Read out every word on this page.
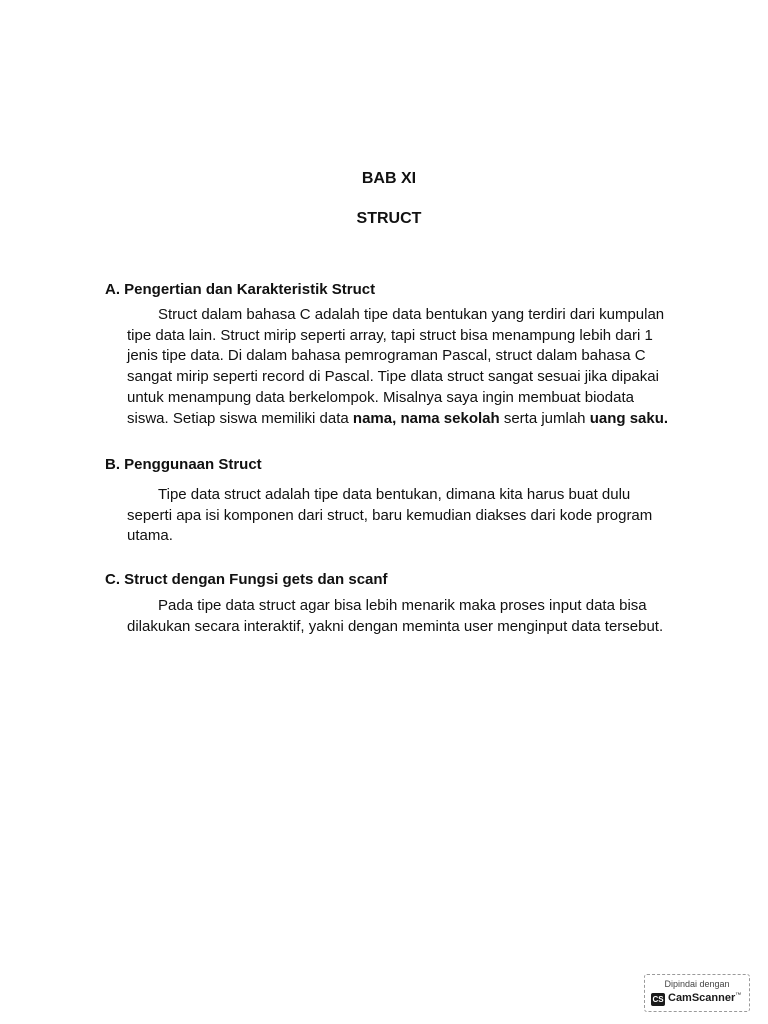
BAB XI
STRUCT
A. Pengertian dan Karakteristik Struct
Struct dalam bahasa C adalah tipe data bentukan yang terdiri dari kumpulan
tipe data lain. Struct mirip seperti array, tapi struct bisa menampung lebih dari 1
jenis tipe data. Di dalam bahasa pemrograman Pascal, struct dalam bahasa C
sangat mirip seperti record di Pascal. Tipe dlata struct sangat sesuai jika dipakai
untuk menampung data berkelompok. Misalnya saya ingin membuat biodata
siswa. Setiap siswa memiliki data nama, nama sekolah serta jumlah uang saku.
B. Penggunaan Struct
Tipe data struct adalah tipe data bentukan, dimana kita harus buat dulu
seperti apa isi komponen dari struct, baru kemudian diakses dari kode program
utama.
C. Struct dengan Fungsi gets dan scanf
Pada tipe data struct agar bisa lebih menarik maka proses input data bisa
dilakukan secara interaktif, yakni dengan meminta user menginput data tersebut.
Dipindai dengan
CS CamScanner™
